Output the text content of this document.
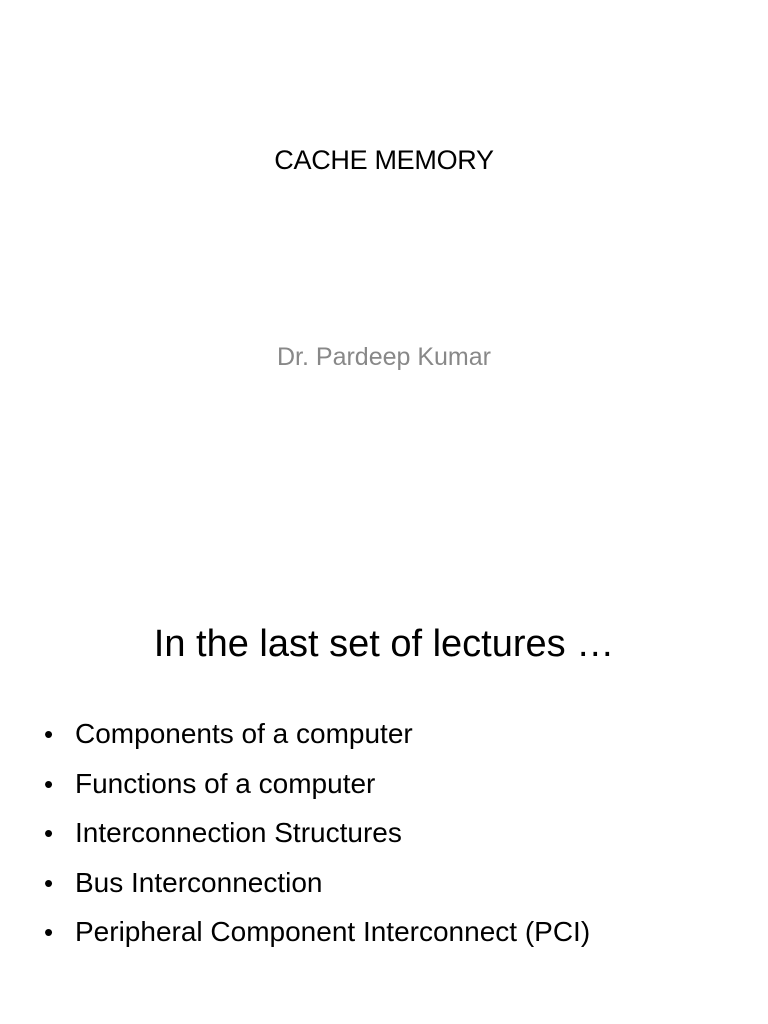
CACHE MEMORY
Dr. Pardeep Kumar
In the last set of lectures …
• Components of a computer
• Functions of a computer
• Interconnection Structures
• Bus Interconnection
• Peripheral Component Interconnect (PCI)
